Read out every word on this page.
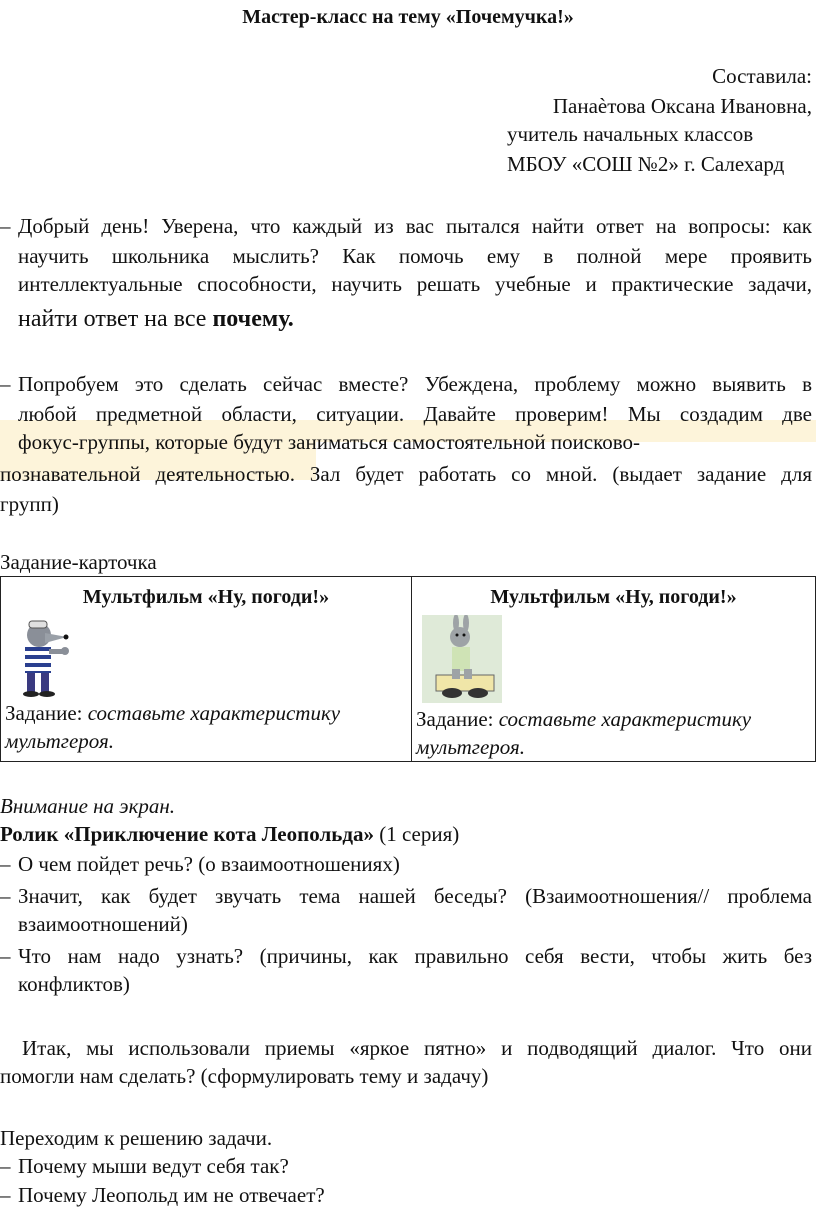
Мастер-класс на тему «Почемучка!»
Составила:
Панаѐтова Оксана Ивановна,
учитель начальных классов
МБОУ «СОШ №2» г. Салехард
– Добрый день! Уверена, что каждый из вас пытался найти ответ на вопросы: как
научить школьника мыслить? Как помочь ему в полной мере проявить
интеллектуальные способности, научить решать учебные и практические задачи,
найти ответ на все почему.
– Попробуем это сделать сейчас вместе? Убеждена, проблему можно выявить в
любой предметной области, ситуации. Давайте проверим! Мы создадим две
фокус-группы, которые будут заниматься самостоятельной поисково-
познавательной деятельностью. Зал будет работать со мной. (выдает задание для
групп)
Задание-карточка
Мультфильм «Ну, погоди!»
Задание: составьте характеристику
мультгероя.

Мультфильм «Ну, погоди!»
Задание: составьте характеристику
мультгероя.
Внимание на экран.
Ролик «Приключение кота Леопольда» (1 серия)
– О чем пойдет речь? (о взаимоотношениях)
– Значит, как будет звучать тема нашей беседы? (Взаимоотношения// проблема
взаимоотношений)
– Что нам надо узнать? (причины, как правильно себя вести, чтобы жить без
конфликтов)
Итак, мы использовали приемы «яркое пятно» и подводящий диалог. Что они
помогли нам сделать? (сформулировать тему и задачу)
Переходим к решению задачи.
– Почему мыши ведут себя так?
– Почему Леопольд им не отвечает?
